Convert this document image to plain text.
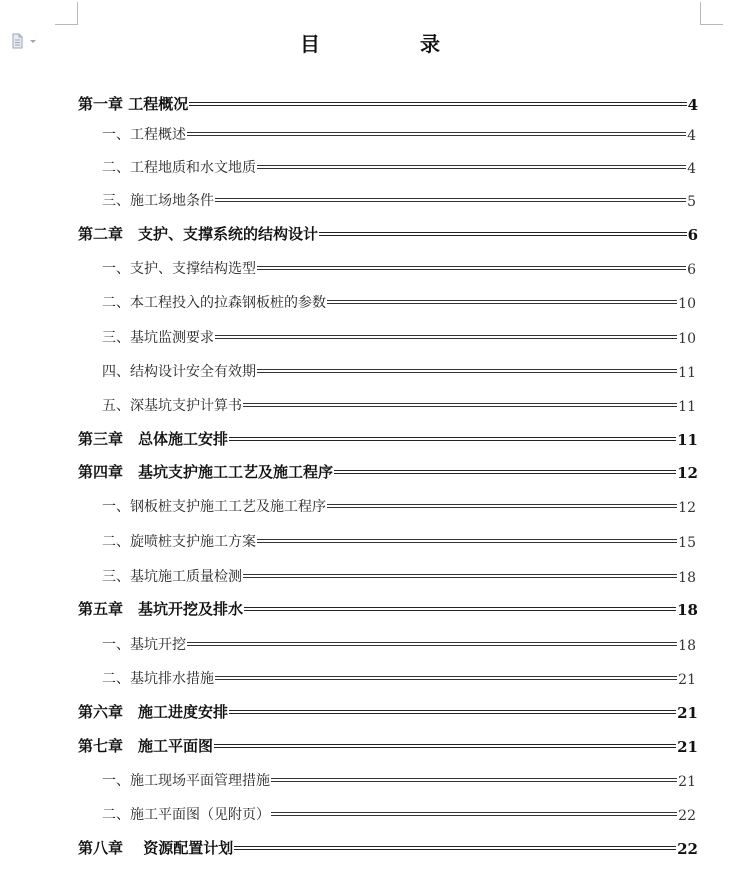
目　录
第一章 工程概况	4
一、工程概述	4
二、工程地质和水文地质	4
三、施工场地条件	5
第二章　支护、支撑系统的结构设计	6
一、支护、支撑结构选型	6
二、本工程投入的拉森钢板桩的参数	10
三、基坑监测要求	10
四、结构设计安全有效期	11
五、深基坑支护计算书	11
第三章　总体施工安排	11
第四章　基坑支护施工工艺及施工程序	12
一、钢板桩支护施工工艺及施工程序	12
二、旋喷桩支护施工方案	15
三、基坑施工质量检测	18
第五章　基坑开挖及排水	18
一、基坑开挖	18
二、基坑排水措施	21
第六章　施工进度安排	21
第七章　施工平面图	21
一、施工现场平面管理措施	21
二、施工平面图（见附页）	22
第八章　 资源配置计划	22
